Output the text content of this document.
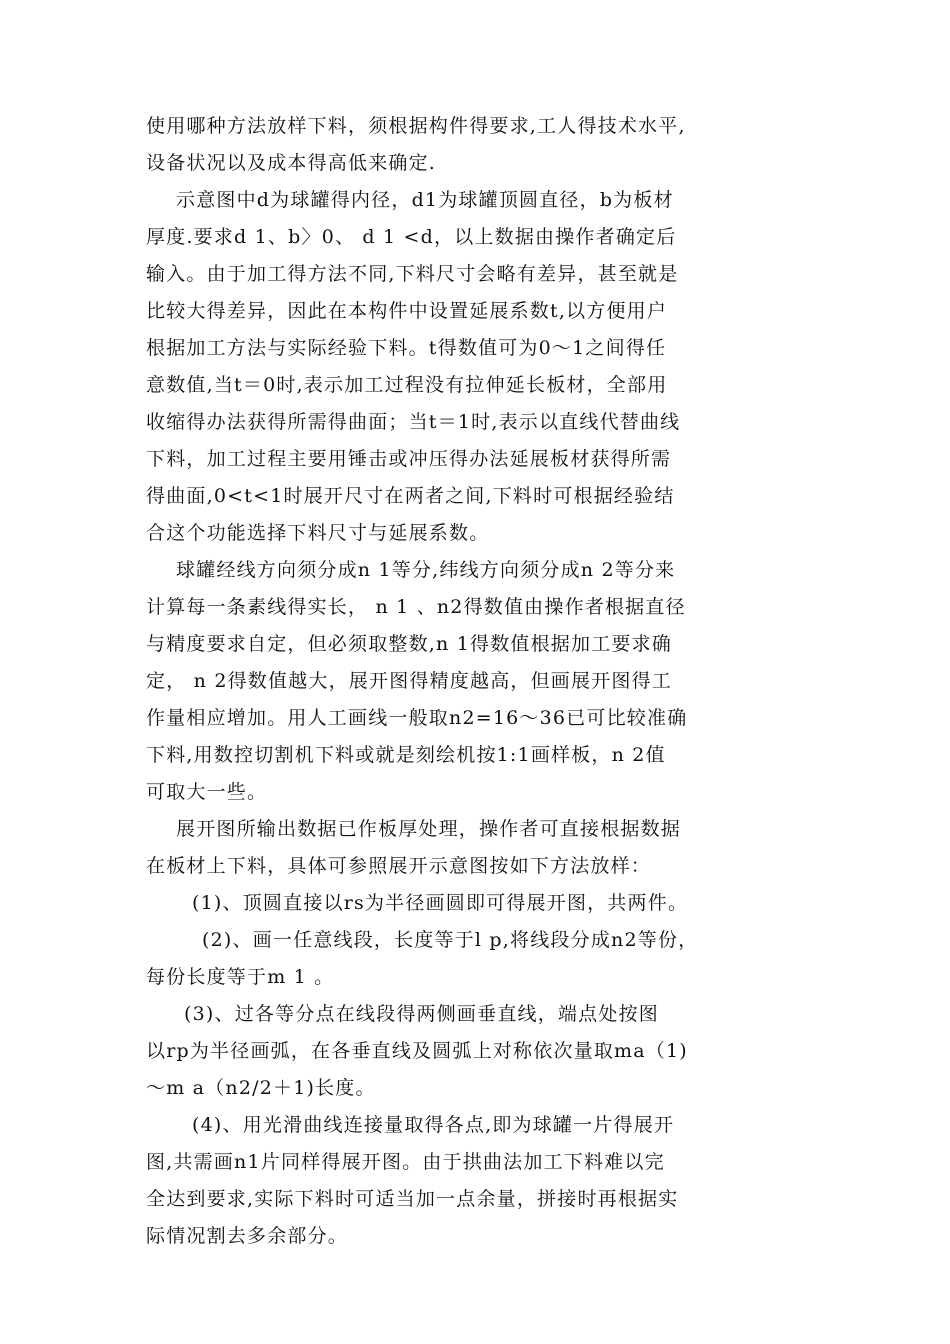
使用哪种方法放样下料，须根据构件得要求,工人得技术水平,
设备状况以及成本得高低来确定.
示意图中d为球罐得内径，d1为球罐顶圆直径，b为板材
厚度.要求d 1、b〉0、 d 1 <d，以上数据由操作者确定后
输入。由于加工得方法不同,下料尺寸会略有差异，甚至就是
比较大得差异，因此在本构件中设置延展系数t,以方便用户
根据加工方法与实际经验下料。t得数值可为0～1之间得任
意数值,当t＝0时,表示加工过程没有拉伸延长板材，全部用
收缩得办法获得所需得曲面；当t＝1时,表示以直线代替曲线
下料，加工过程主要用锤击或冲压得办法延展板材获得所需
得曲面,0<t<1时展开尺寸在两者之间,下料时可根据经验结
合这个功能选择下料尺寸与延展系数。
球罐经线方向须分成n 1等分,纬线方向须分成n 2等分来
计算每一条素线得实长， n 1 、n2得数值由操作者根据直径
与精度要求自定，但必须取整数,n 1得数值根据加工要求确
定， n 2得数值越大，展开图得精度越高，但画展开图得工
作量相应增加。用人工画线一般取n2=16～36已可比较准确
下料,用数控切割机下料或就是刻绘机按1:1画样板，n 2值
可取大一些。
展开图所输出数据已作板厚处理，操作者可直接根据数据
在板材上下料，具体可参照展开示意图按如下方法放样：
(1)、顶圆直接以rs为半径画圆即可得展开图，共两件。
(2)、画一任意线段，长度等于l p,将线段分成n2等份，
每份长度等于m 1 。
(3)、过各等分点在线段得两侧画垂直线，端点处按图
以rp为半径画弧，在各垂直线及圆弧上对称依次量取ma（1)
～m a（n2/2＋1)长度。
(4)、用光滑曲线连接量取得各点,即为球罐一片得展开
图,共需画n1片同样得展开图。由于拱曲法加工下料难以完
全达到要求,实际下料时可适当加一点余量，拼接时再根据实
际情况割去多余部分。
